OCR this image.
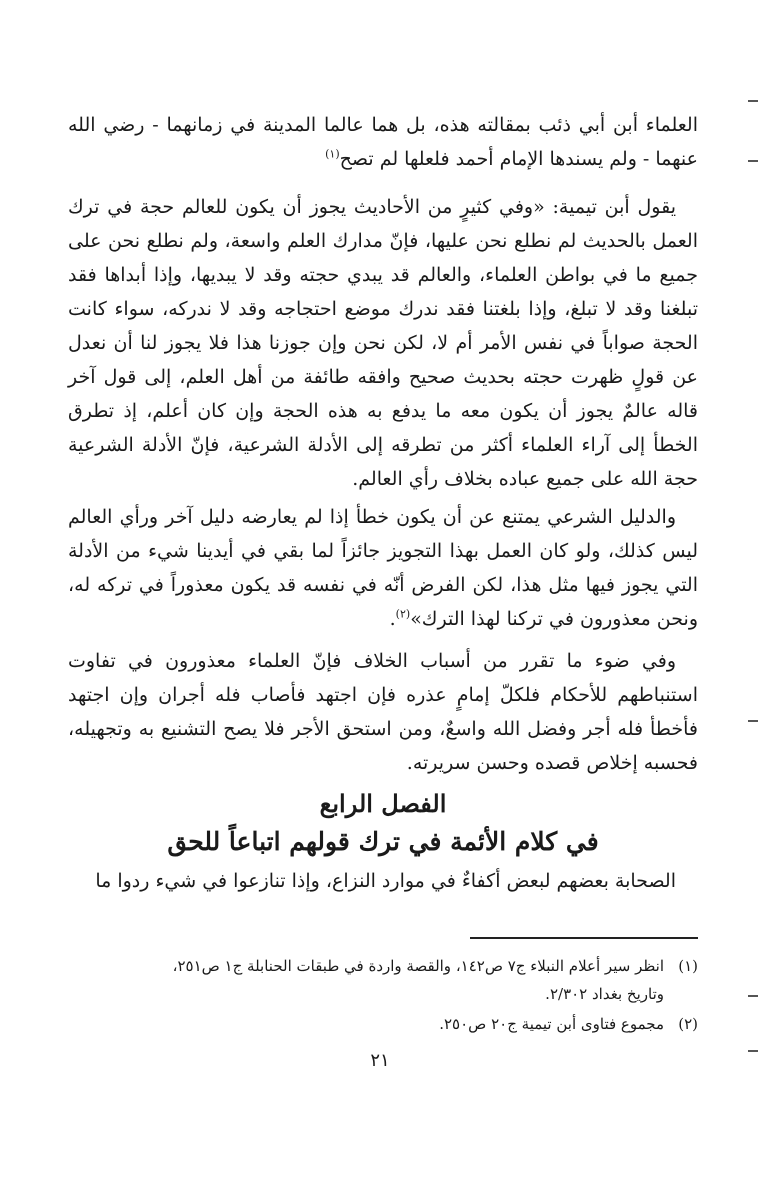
العلماء أبن أبي ذئب بمقالته هذه، بل هما عالما المدينة في زمانهما - رضي الله عنهما - ولم يسندها الإمام أحمد فلعلها لم تصح$^{(١)}$

يقول أبن تيمية: «وفي كثيرٍ من الأحاديث يجوز أن يكون للعالم حجة في ترك العمل بالحديث لم نطلع نحن عليها، فإنّ مدارك العلم واسعة، ولم نطلع نحن على جميع ما في بواطن العلماء، والعالم قد يبدي حجته وقد لا يبديها، وإذا أبداها فقد تبلغنا وقد لا تبلغ، وإذا بلغتنا فقد ندرك موضع احتجاجه وقد لا ندركه، سواء كانت الحجة صواباً في نفس الأمر أم لا، لكن نحن وإن جوزنا هذا فلا يجوز لنا أن نعدل عن قولٍ ظهرت حجته بحديث صحيح وافقه طائفة من أهل العلم، إلى قول آخر قاله عالمٌ يجوز أن يكون معه ما يدفع به هذه الحجة وإن كان أعلم، إذ تطرق الخطأ إلى آراء العلماء أكثر من تطرقه إلى الأدلة الشرعية، فإنّ الأدلة الشرعية حجة الله على جميع عباده بخلاف رأي العالم.

والدليل الشرعي يمتنع عن أن يكون خطأ إذا لم يعارضه دليل آخر ورأي العالم ليس كذلك، ولو كان العمل بهذا التجويز جائزاً لما بقي في أيدينا شيء من الأدلة التي يجوز فيها مثل هذا، لكن الفرض أنّه في نفسه قد يكون معذوراً في تركه له، ونحن معذورون في تركنا لهذا الترك»$^{(٢)}$.

وفي ضوء ما تقرر من أسباب الخلاف فإنّ العلماء معذورون في تفاوت استنباطهم للأحكام فلكلّ إمامٍ عذره فإن اجتهد فأصاب فله أجران وإن اجتهد فأخطأ فله أجر وفضل الله واسعٌ، ومن استحق الأجر فلا يصح التشنيع به وتجهيله، فحسبه إخلاص قصده وحسن سريرته.

الفصل الرابع
في كلام الأئمة في ترك قولهم اتباعاً للحق

الصحابة بعضهم لبعض أكفاءٌ في موارد النزاع، وإذا تنازعوا في شيء ردوا ما

(١)انظر سير أعلام النبلاء ج٧ ص١٤٢، والقصة واردة في طبقات الحنابلة ج١ ص٢٥١،
وتاريخ بغداد ٢/٣٠٢.
(٢)مجموع فتاوى أبن تيمية ج٢٠ ص٢٥٠.
٢١
